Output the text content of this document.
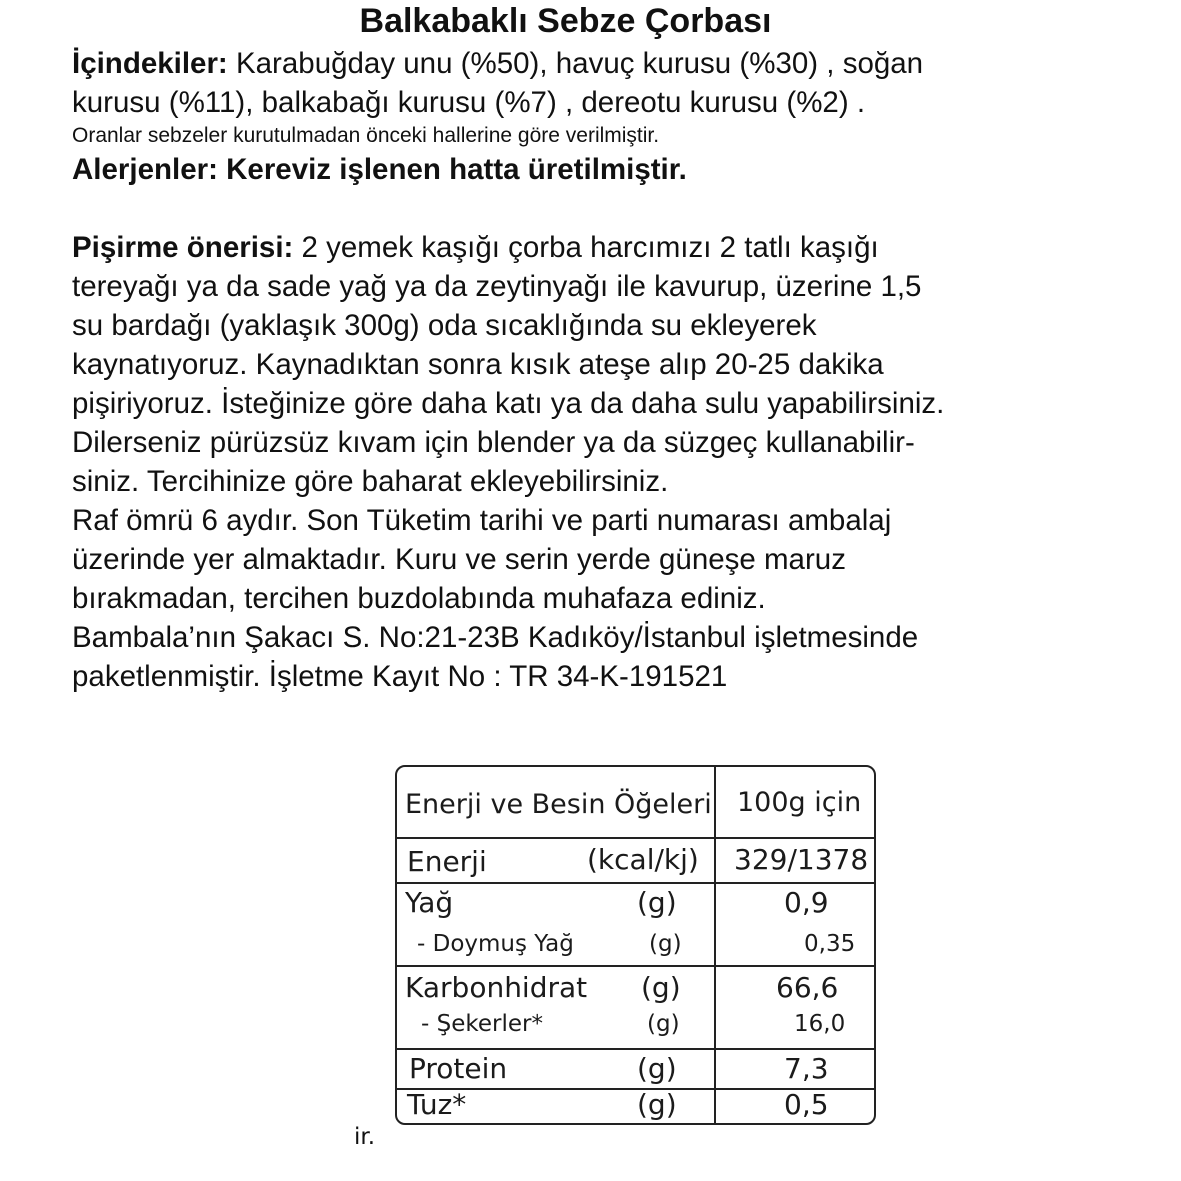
Balkabaklı Sebze Çorbası
İçindekiler: Karabuğday unu (%50), havuç kurusu (%30) , soğan
kurusu (%11), balkabağı kurusu (%7) , dereotu kurusu (%2) .
Oranlar sebzeler kurutulmadan önceki hallerine göre verilmiştir.
Alerjenler: Kereviz işlenen hatta üretilmiştir.
Pişirme önerisi: 2 yemek kaşığı çorba harcımızı 2 tatlı kaşığı
tereyağı ya da sade yağ ya da zeytinyağı ile kavurup, üzerine 1,5
su bardağı (yaklaşık 300g) oda sıcaklığında su ekleyerek
kaynatıyoruz. Kaynadıktan sonra kısık ateşe alıp 20-25 dakika
pişiriyoruz. İsteğinize göre daha katı ya da daha sulu yapabilirsiniz.
Dilerseniz pürüzsüz kıvam için blender ya da süzgeç kullanabilir-
siniz. Tercihinize göre baharat ekleyebilirsiniz.
Raf ömrü 6 aydır. Son Tüketim tarihi ve parti numarası ambalaj
üzerinde yer almaktadır. Kuru ve serin yerde güneşe maruz
bırakmadan, tercihen buzdolabında muhafaza ediniz.
Bambala’nın Şakacı S. No:21-23B Kadıköy/İstanbul işletmesinde
paketlenmiştir. İşletme Kayıt No : TR 34-K-191521
Enerji ve Besin Öğeleri 100g için
Enerji	(kcal/kj) 329/1378
Yağ	(g)	0,9
- Doymuş Yağ	(g)	0,35
Karbonhidrat (g)	66,6
- Şekerler*	(g)	16,0
Protein	(g)	7,3
Tuz*	(g)	0,5
ir.
